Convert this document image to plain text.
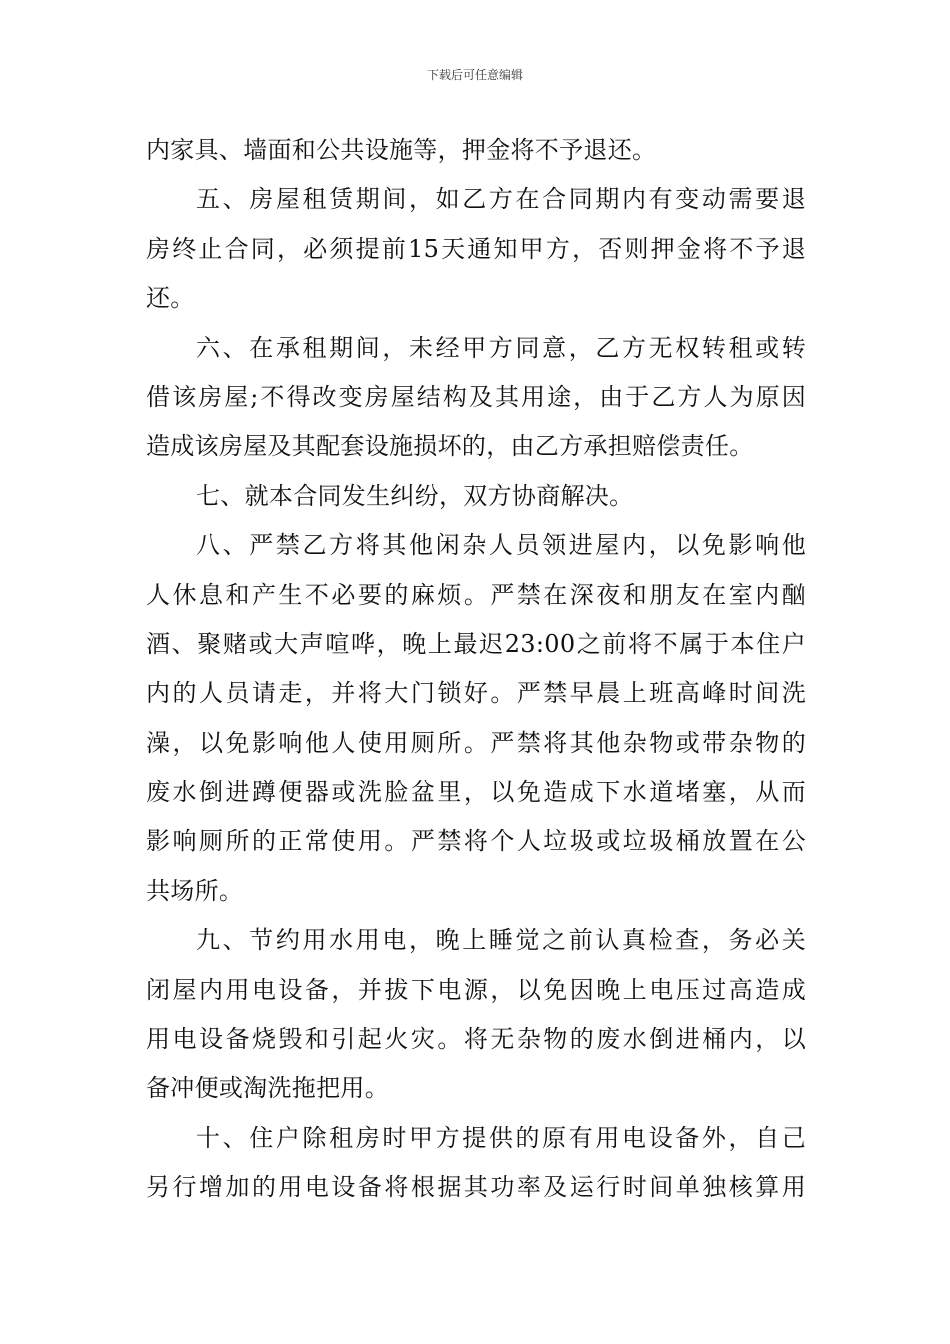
下载后可任意编辑
内家具、墙面和公共设施等，押金将不予退还。
五、房屋租赁期间，如乙方在合同期内有变动需要退
房终止合同，必须提前15天通知甲方，否则押金将不予退
还。
六、在承租期间，未经甲方同意，乙方无权转租或转
借该房屋;不得改变房屋结构及其用途，由于乙方人为原因
造成该房屋及其配套设施损坏的，由乙方承担赔偿责任。
七、就本合同发生纠纷，双方协商解决。
八、严禁乙方将其他闲杂人员领进屋内，以免影响他
人休息和产生不必要的麻烦。严禁在深夜和朋友在室内酗
酒、聚赌或大声喧哗，晚上最迟23:00之前将不属于本住户
内的人员请走，并将大门锁好。严禁早晨上班高峰时间洗
澡，以免影响他人使用厕所。严禁将其他杂物或带杂物的
废水倒进蹲便器或洗脸盆里，以免造成下水道堵塞，从而
影响厕所的正常使用。严禁将个人垃圾或垃圾桶放置在公
共场所。
九、节约用水用电，晚上睡觉之前认真检查，务必关
闭屋内用电设备，并拔下电源，以免因晚上电压过高造成
用电设备烧毁和引起火灾。将无杂物的废水倒进桶内，以
备冲便或淘洗拖把用。
十、住户除租房时甲方提供的原有用电设备外，自己
另行增加的用电设备将根据其功率及运行时间单独核算用
